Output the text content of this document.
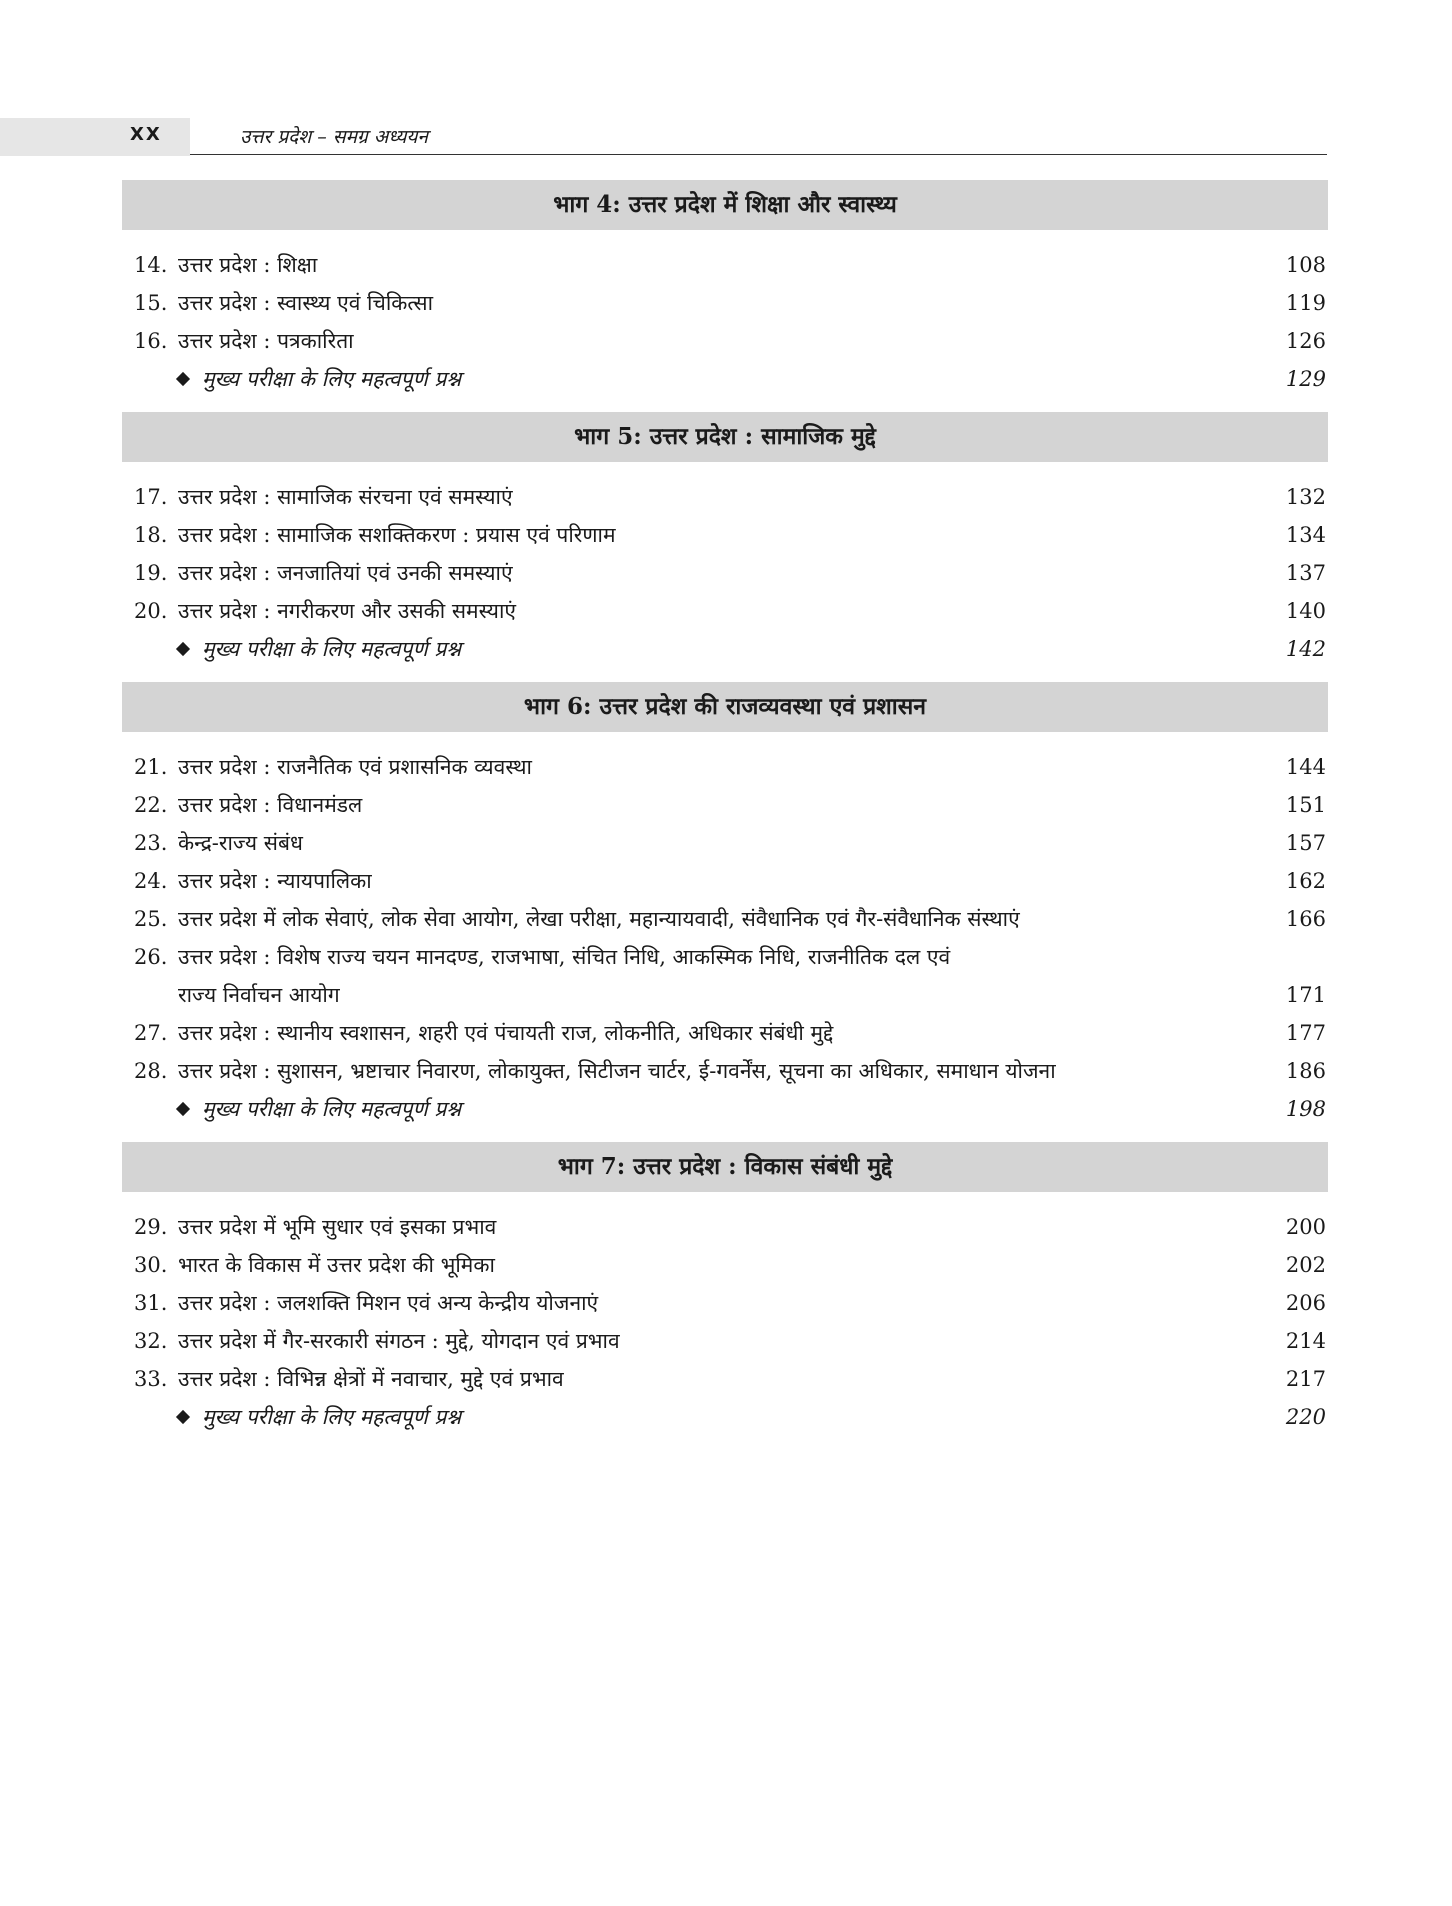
XX	उत्तर प्रदेश – समग्र अध्ययन
भाग 4: उत्तर प्रदेश में शिक्षा और स्वास्थ्य
14. उत्तर प्रदेश : शिक्षा	108
15. उत्तर प्रदेश : स्वास्थ्य एवं चिकित्सा	119
16. उत्तर प्रदेश : पत्रकारिता	126
मुख्य परीक्षा के लिए महत्वपूर्ण प्रश्न	129
भाग 5: उत्तर प्रदेश : सामाजिक मुद्दे
17. उत्तर प्रदेश : सामाजिक संरचना एवं समस्याएं	132
18. उत्तर प्रदेश : सामाजिक सशक्तिकरण : प्रयास एवं परिणाम	134
19. उत्तर प्रदेश : जनजातियां एवं उनकी समस्याएं	137
20. उत्तर प्रदेश : नगरीकरण और उसकी समस्याएं	140
मुख्य परीक्षा के लिए महत्वपूर्ण प्रश्न	142
भाग 6: उत्तर प्रदेश की राजव्यवस्था एवं प्रशासन
21. उत्तर प्रदेश : राजनैतिक एवं प्रशासनिक व्यवस्था	144
22. उत्तर प्रदेश : विधानमंडल	151
23. केन्द्र-राज्य संबंध	157
24. उत्तर प्रदेश : न्यायपालिका	162
25. उत्तर प्रदेश में लोक सेवाएं, लोक सेवा आयोग, लेखा परीक्षा, महान्यायवादी, संवैधानिक एवं गैर-संवैधानिक संस्थाएं	166
26. उत्तर प्रदेश : विशेष राज्य चयन मानदण्ड, राजभाषा, संचित निधि, आकस्मिक निधि, राजनीतिक दल एवं
राज्य निर्वाचन आयोग	171
27. उत्तर प्रदेश : स्थानीय स्वशासन, शहरी एवं पंचायती राज, लोकनीति, अधिकार संबंधी मुद्दे	177
28. उत्तर प्रदेश : सुशासन, भ्रष्टाचार निवारण, लोकायुक्त, सिटीजन चार्टर, ई-गवर्नेंस, सूचना का अधिकार, समाधान योजना	186
मुख्य परीक्षा के लिए महत्वपूर्ण प्रश्न	198
भाग 7: उत्तर प्रदेश : विकास संबंधी मुद्दे
29. उत्तर प्रदेश में भूमि सुधार एवं इसका प्रभाव	200
30. भारत के विकास में उत्तर प्रदेश की भूमिका	202
31. उत्तर प्रदेश : जलशक्ति मिशन एवं अन्य केन्द्रीय योजनाएं	206
32. उत्तर प्रदेश में गैर-सरकारी संगठन : मुद्दे, योगदान एवं प्रभाव	214
33. उत्तर प्रदेश : विभिन्न क्षेत्रों में नवाचार, मुद्दे एवं प्रभाव	217
मुख्य परीक्षा के लिए महत्वपूर्ण प्रश्न	220
